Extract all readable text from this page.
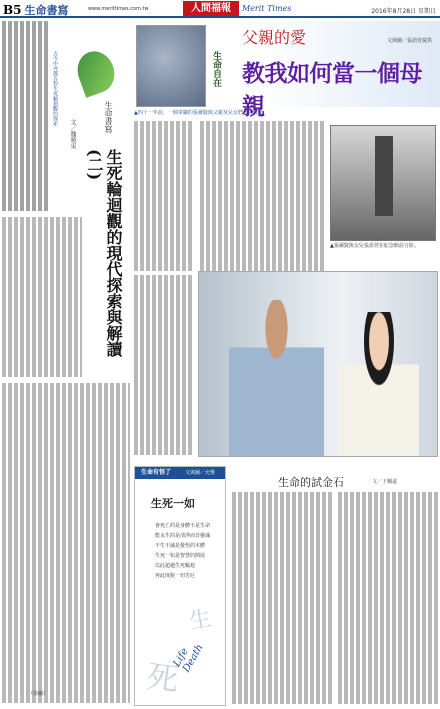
B5 生命書寫	www.merittimes.com.tw	人間福報	Merit Times	2016年8月28日 星期日
古今中外都有對生死輪迴觀的探索	生命書寫
文／魏曉東
生死輪迴觀的現代探索與解讀(二)
生命自在
父親的愛	文與圖／張語萱提供
教我如何當一個母親
▲四十一年前，一個軍職的張爾賢與父親及兒女們合影留念
▲張爾賢與女兒張語萱在紀念館前合影。
生命有悟了	文與圖／允惟
生死一如
會死亡的是身體不是生命
能永生的是清淨而非靈魂
不生不滅是覺悟的本體
生死一如是智慧的開展
以此超越生死輪迴
再此度脫一切苦厄
生
死
Life Death
生命的試金石	文／王楓遠
（待續）
